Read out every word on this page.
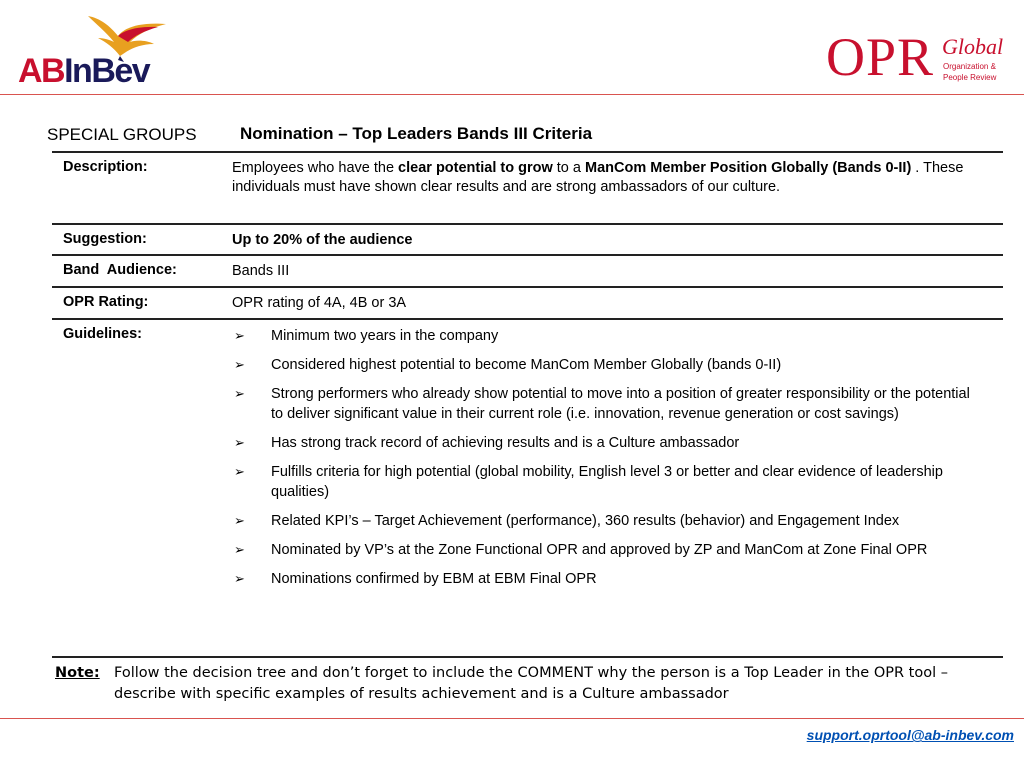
ABInBev	OPR Global
Organization &
People Review
SPECIAL GROUPS	Nomination – Top Leaders Bands III Criteria
Description:	Employees who have the clear potential to grow to a ManCom Member Position Globally (Bands 0-II) . These individuals must have shown clear results and are strong ambassadors of our culture.
Suggestion:	Up to 20% of the audience
Band  Audience:	Bands III
OPR Rating:	OPR rating of 4A, 4B or 3A
Guidelines:	➢ Minimum two years in the company
➢ Considered highest potential to become ManCom Member Globally (bands 0-II)
➢ Strong performers who already show potential to move into a position of greater responsibility or the potential to deliver significant value in their current role (i.e. innovation, revenue generation or cost savings)
➢ Has strong track record of achieving results and is a Culture ambassador
➢ Fulfills criteria for high potential (global mobility, English level 3 or better and clear evidence of leadership qualities)
➢ Related KPI’s – Target Achievement (performance), 360 results (behavior) and Engagement Index
➢ Nominated by VP’s at the Zone Functional OPR and approved by ZP and ManCom at Zone Final OPR
➢ Nominations confirmed by EBM at EBM Final OPR
Note: Follow the decision tree and don’t forget to include the COMMENT why the person is a Top Leader in the OPR tool – describe with specific examples of results achievement and is a Culture ambassador
support.oprtool@ab-inbev.com
